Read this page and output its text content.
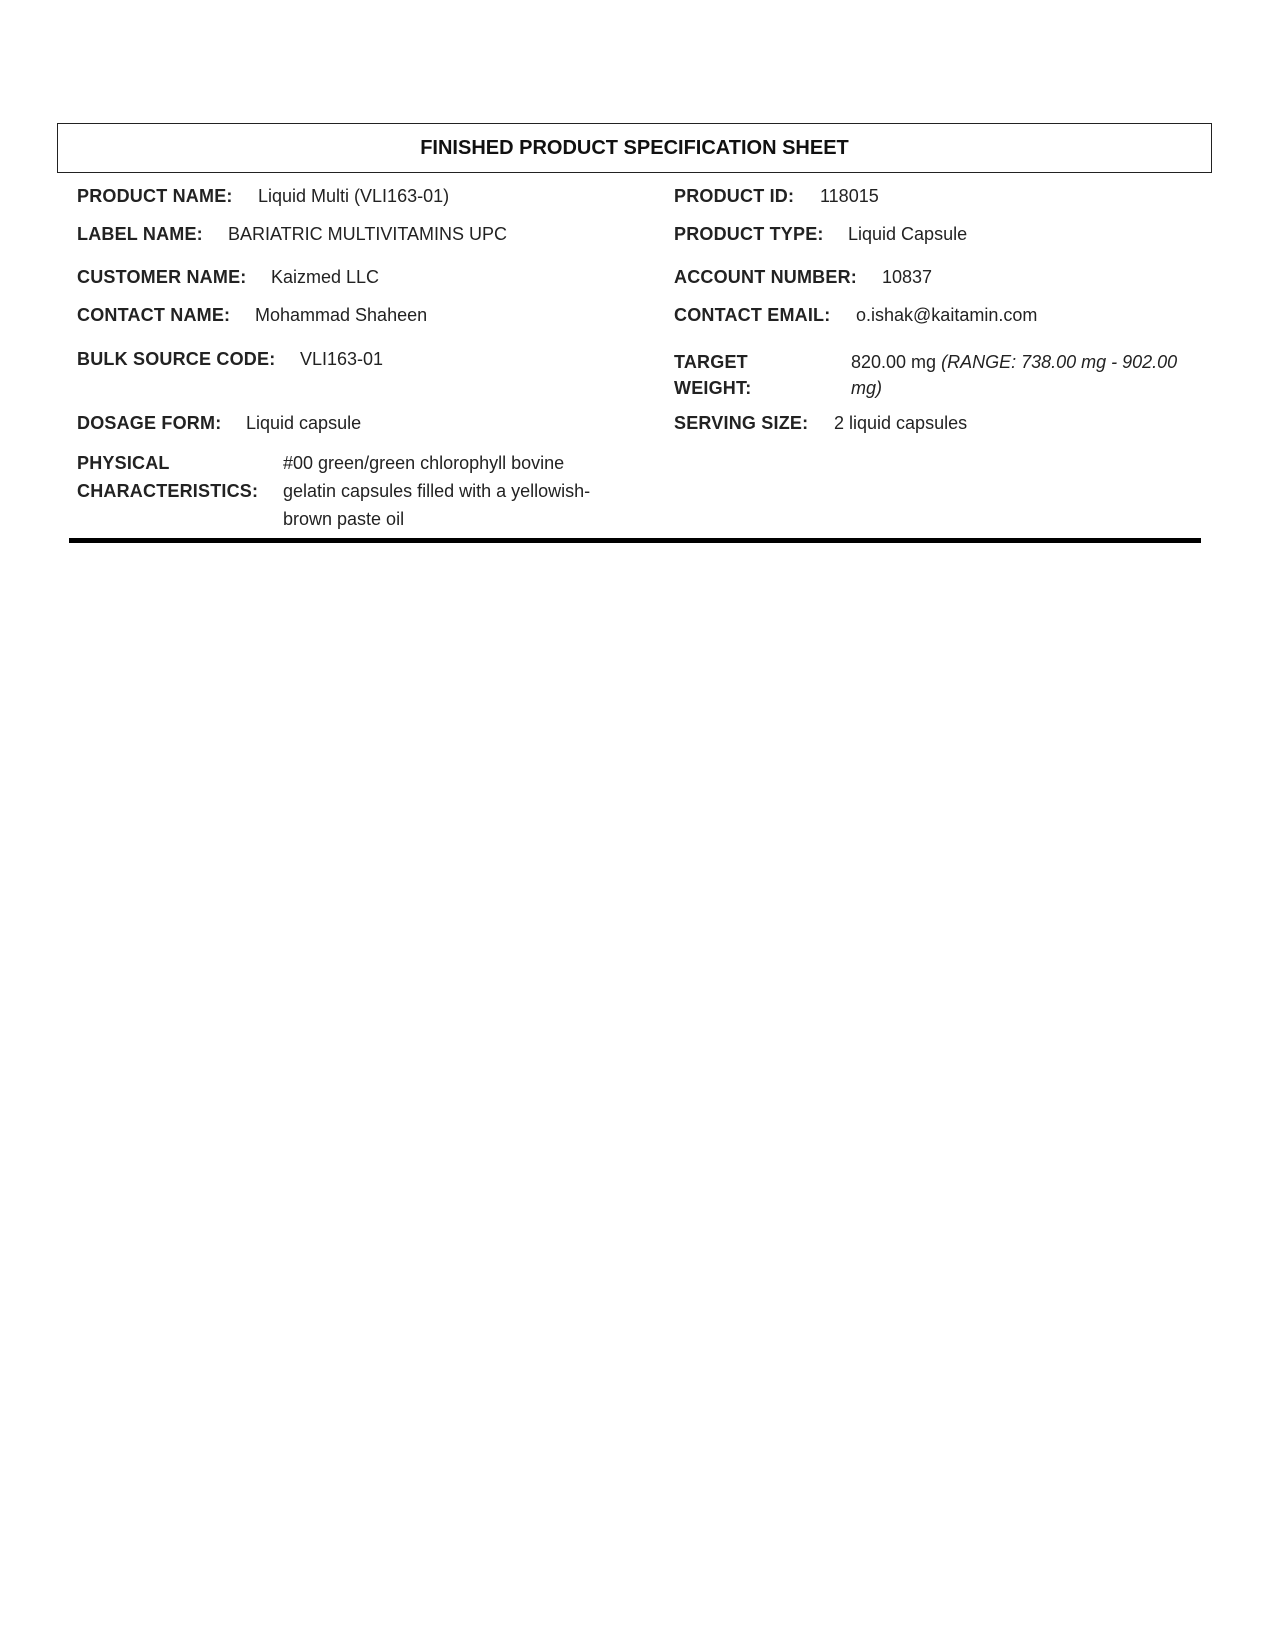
FINISHED PRODUCT SPECIFICATION SHEET
PRODUCT NAME: Liquid Multi (VLI163-01)
LABEL NAME: BARIATRIC MULTIVITAMINS UPC
CUSTOMER NAME: Kaizmed LLC
CONTACT NAME: Mohammad Shaheen
BULK SOURCE CODE: VLI163-01
DOSAGE FORM: Liquid capsule
PHYSICAL
CHARACTERISTICS:
#00 green/green chlorophyll bovine gelatin capsules filled with a yellowish-brown paste oil
PRODUCT ID: 118015
PRODUCT TYPE: Liquid Capsule
ACCOUNT NUMBER: 10837
CONTACT EMAIL: o.ishak@kaitamin.com
TARGET
WEIGHT:
820.00 mg (RANGE: 738.00 mg - 902.00 mg)
SERVING SIZE: 2 liquid capsules
